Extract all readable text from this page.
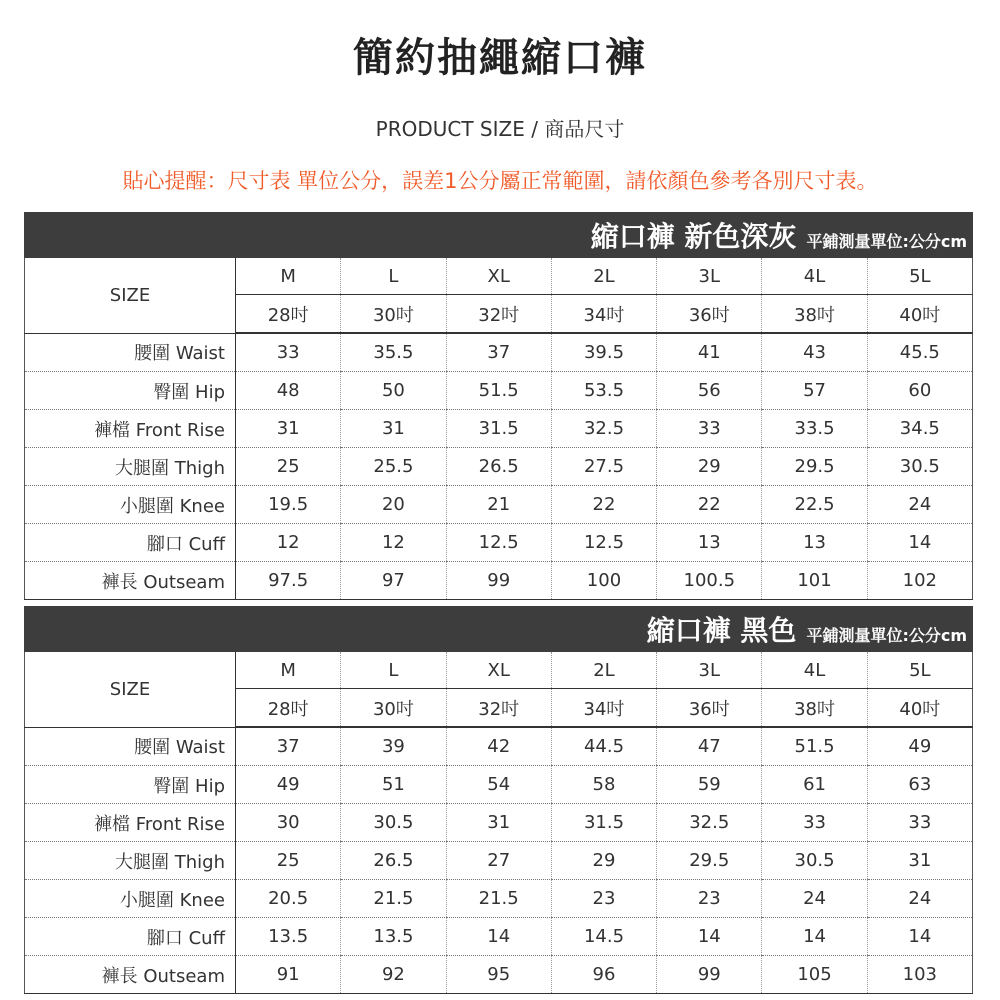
簡約抽繩縮口褲
PRODUCT SIZE / 商品尺寸
貼心提醒：尺寸表 單位公分，誤差1公分屬正常範圍，請依顏色參考各別尺寸表。
縮口褲 新色深灰 平鋪測量單位:公分cm
SIZE	M	L	XL	2L	3L	4L	5L
	28吋	30吋	32吋	34吋	36吋	38吋	40吋
腰圍 Waist	33	35.5	37	39.5	41	43	45.5
臀圍 Hip	48	50	51.5	53.5	56	57	60
褲檔 Front Rise	31	31	31.5	32.5	33	33.5	34.5
大腿圍 Thigh	25	25.5	26.5	27.5	29	29.5	30.5
小腿圍 Knee	19.5	20	21	22	22	22.5	24
腳口 Cuff	12	12	12.5	12.5	13	13	14
褲長 Outseam	97.5	97	99	100	100.5	101	102
縮口褲 黑色 平鋪測量單位:公分cm
SIZE	M	L	XL	2L	3L	4L	5L
	28吋	30吋	32吋	34吋	36吋	38吋	40吋
腰圍 Waist	37	39	42	44.5	47	51.5	49
臀圍 Hip	49	51	54	58	59	61	63
褲檔 Front Rise	30	30.5	31	31.5	32.5	33	33
大腿圍 Thigh	25	26.5	27	29	29.5	30.5	31
小腿圍 Knee	20.5	21.5	21.5	23	23	24	24
腳口 Cuff	13.5	13.5	14	14.5	14	14	14
褲長 Outseam	91	92	95	96	99	105	103
